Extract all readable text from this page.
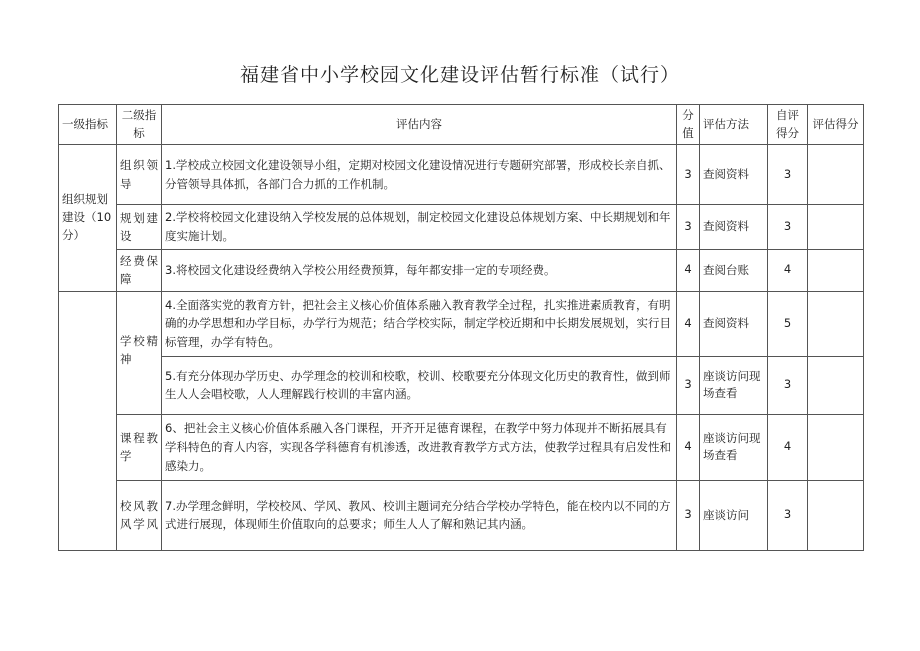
福建省中小学校园文化建设评估暂行标准（试行）
一级指标	二级指标	评估内容	分值	评估方法	自评得分	评估得分
组织规划建设（10分）	组织领导	1.学校成立校园文化建设领导小组，定期对校园文化建设情况进行专题研究部署，形成校长亲自抓、分管领导具体抓，各部门合力抓的工作机制。	3	查阅资料	3	
	规划建设	2.学校将校园文化建设纳入学校发展的总体规划，制定校园文化建设总体规划方案、中长期规划和年度实施计划。	3	查阅资料	3	
	经费保障	3.将校园文化建设经费纳入学校公用经费预算，每年都安排一定的专项经费。	4	查阅台账	4	
	学校精神	4.全面落实党的教育方针，把社会主义核心价值体系融入教育教学全过程，扎实推进素质教育，有明确的办学思想和办学目标，办学行为规范；结合学校实际，制定学校近期和中长期发展规划，实行目标管理，办学有特色。	4	查阅资料	5	
		5.有充分体现办学历史、办学理念的校训和校歌，校训、校歌要充分体现文化历史的教育性，做到师生人人会唱校歌，人人理解践行校训的丰富内涵。	3	座谈访问现场查看	3	
	课程教学	6、把社会主义核心价值体系融入各门课程，开齐开足德育课程，在教学中努力体现并不断拓展具有学科特色的育人内容，实现各学科德育有机渗透，改进教育教学方式方法，使教学过程具有启发性和感染力。	4	座谈访问现场查看	4	
	校风教风学风	7.办学理念鲜明，学校校风、学风、教风、校训主题词充分结合学校办学特色，能在校内以不同的方式进行展现，体现师生价值取向的总要求；师生人人了解和熟记其内涵。	3	座谈访问	3	
